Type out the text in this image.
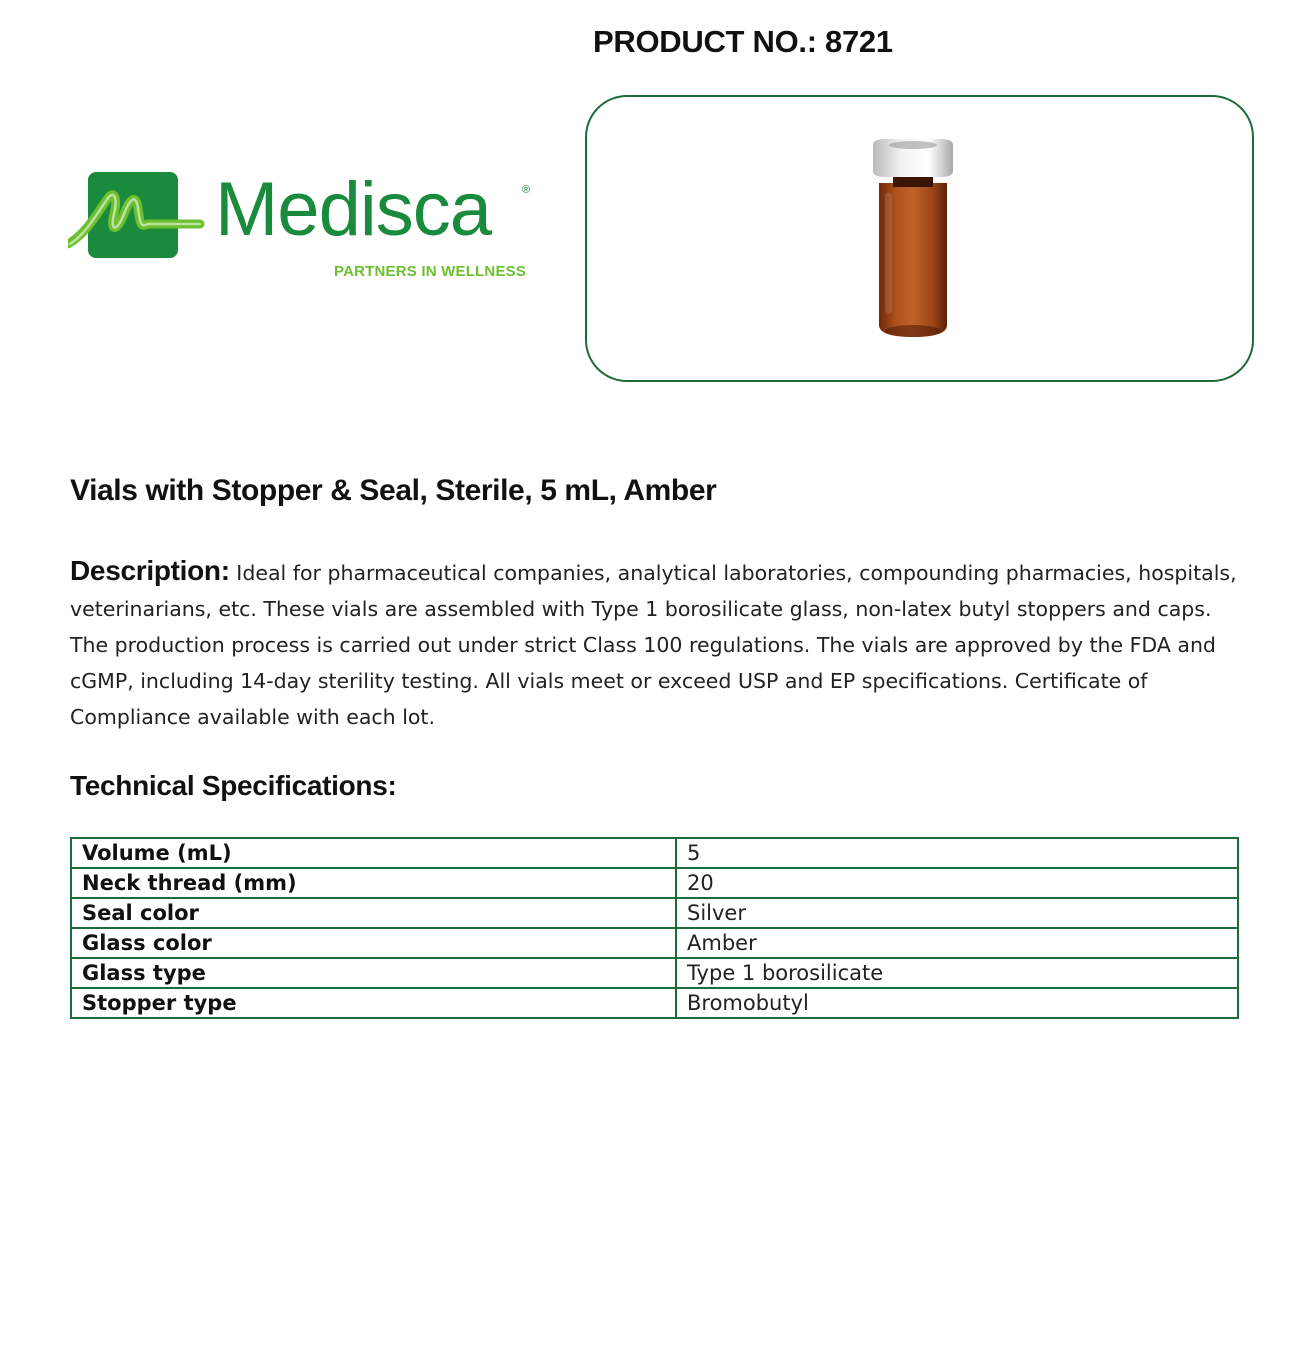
PRODUCT NO.: 8721
Medisca	®
PARTNERS IN WELLNESS
Vials with Stopper & Seal, Sterile, 5 mL, Amber
Description: Ideal for pharmaceutical companies, analytical laboratories, compounding pharmacies, hospitals, veterinarians, etc. These vials are assembled with Type 1 borosilicate glass, non-latex butyl stoppers and caps. The production process is carried out under strict Class 100 regulations. The vials are approved by the FDA and cGMP, including 14-day sterility testing. All vials meet or exceed USP and EP specifications. Certificate of Compliance available with each lot.
Technical Specifications:
Volume (mL)	5
Neck thread (mm)	20
Seal color	Silver
Glass color	Amber
Glass type	Type 1 borosilicate
Stopper type	Bromobutyl
